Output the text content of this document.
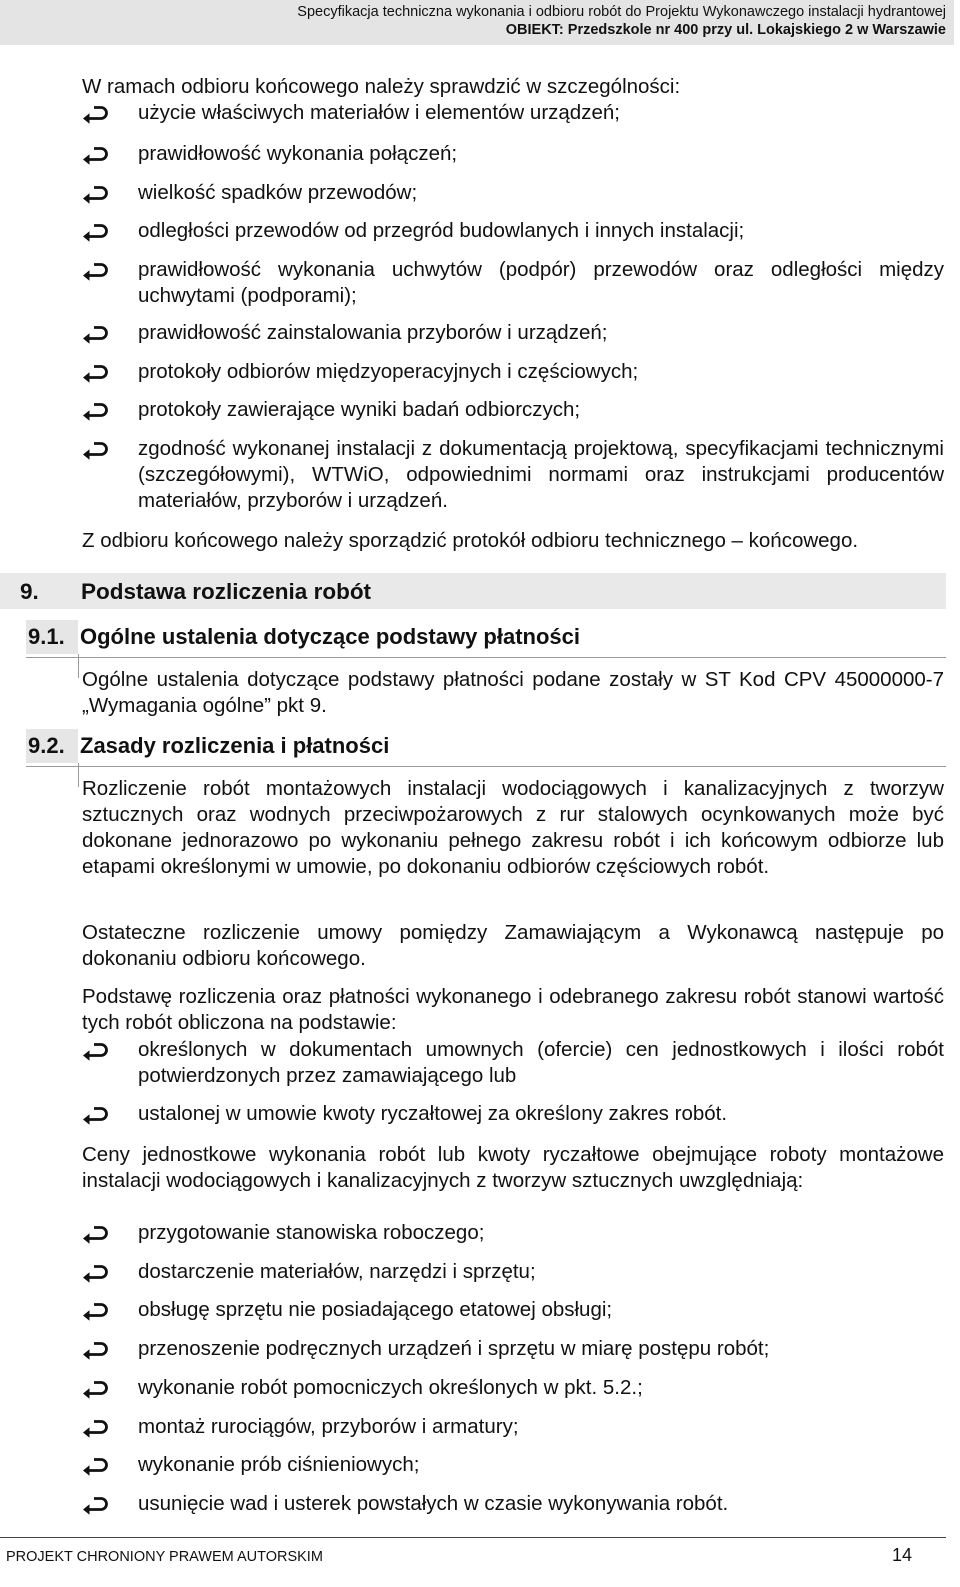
Specyfikacja techniczna wykonania i odbioru robót do Projektu Wykonawczego instalacji hydrantowej
OBIEKT: Przedszkole nr 400 przy ul. Lokajskiego 2 w Warszawie
W ramach odbioru końcowego należy sprawdzić w szczególności:
użycie właściwych materiałów i elementów urządzeń;
prawidłowość wykonania połączeń;
wielkość spadków przewodów;
odległości przewodów od przegród budowlanych i innych instalacji;
prawidłowość wykonania uchwytów (podpór) przewodów oraz odległości między uchwytami (podporami);
prawidłowość zainstalowania przyborów i urządzeń;
protokoły odbiorów międzyoperacyjnych i częściowych;
protokoły zawierające wyniki badań odbiorczych;
zgodność wykonanej instalacji z dokumentacją projektową, specyfikacjami technicznymi (szczegółowymi), WTWiO, odpowiednimi normami oraz instrukcjami producentów materiałów, przyborów i urządzeń.
Z odbioru końcowego należy sporządzić protokół odbioru technicznego – końcowego.
9. Podstawa rozliczenia robót
9.1. Ogólne ustalenia dotyczące podstawy płatności
Ogólne ustalenia dotyczące podstawy płatności podane zostały w ST Kod CPV 45000000-7 „Wymagania ogólne” pkt 9.
9.2. Zasady rozliczenia i płatności
Rozliczenie robót montażowych instalacji wodociągowych i kanalizacyjnych z tworzyw sztucznych oraz wodnych przeciwpożarowych z rur stalowych ocynkowanych może być dokonane jednorazowo po wykonaniu pełnego zakresu robót i ich końcowym odbiorze lub etapami określonymi w umowie, po dokonaniu odbiorów częściowych robót.
Ostateczne rozliczenie umowy pomiędzy Zamawiającym a Wykonawcą następuje po dokonaniu odbioru końcowego.
Podstawę rozliczenia oraz płatności wykonanego i odebranego zakresu robót stanowi wartość tych robót obliczona na podstawie:
określonych w dokumentach umownych (ofercie) cen jednostkowych i ilości robót potwierdzonych przez zamawiającego lub
ustalonej w umowie kwoty ryczałtowej za określony zakres robót.
Ceny jednostkowe wykonania robót lub kwoty ryczałtowe obejmujące roboty montażowe instalacji wodociągowych i kanalizacyjnych z tworzyw sztucznych uwzględniają:
przygotowanie stanowiska roboczego;
dostarczenie materiałów, narzędzi i sprzętu;
obsługę sprzętu nie posiadającego etatowej obsługi;
przenoszenie podręcznych urządzeń i sprzętu w miarę postępu robót;
wykonanie robót pomocniczych określonych w pkt. 5.2.;
montaż rurociągów, przyborów i armatury;
wykonanie prób ciśnieniowych;
usunięcie wad i usterek powstałych w czasie wykonywania robót.
PROJEKT CHRONIONY PRAWEM AUTORSKIM	14
